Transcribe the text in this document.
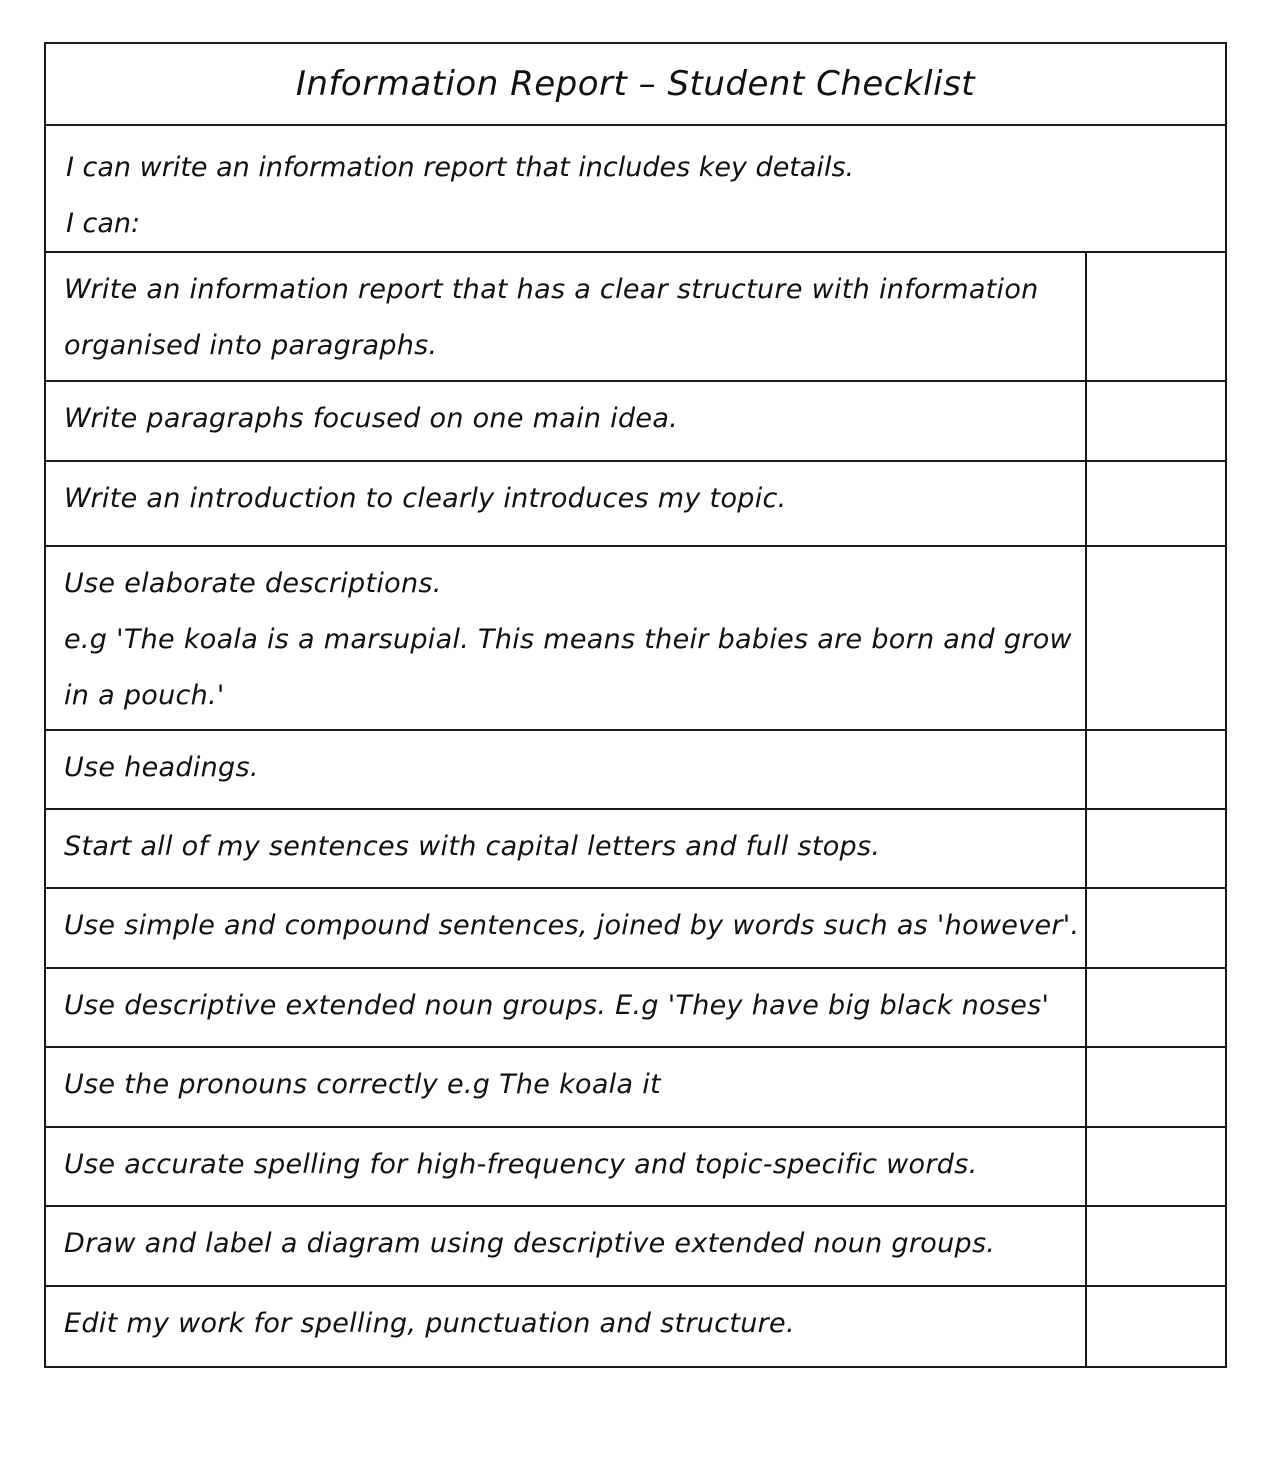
Information Report – Student Checklist
I can write an information report that includes key details.
I can:
Write an information report that has a clear structure with information
organised into paragraphs.
Write paragraphs focused on one main idea.
Write an introduction to clearly introduces my topic.
Use elaborate descriptions.
e.g 'The koala is a marsupial. This means their babies are born and grow
in a pouch.'
Use headings.
Start all of my sentences with capital letters and full stops.
Use simple and compound sentences, joined by words such as 'however'.
Use descriptive extended noun groups. E.g 'They have big black noses'
Use the pronouns correctly e.g The koala it
Use accurate spelling for high-frequency and topic-specific words.
Draw and label a diagram using descriptive extended noun groups.
Edit my work for spelling, punctuation and structure.
